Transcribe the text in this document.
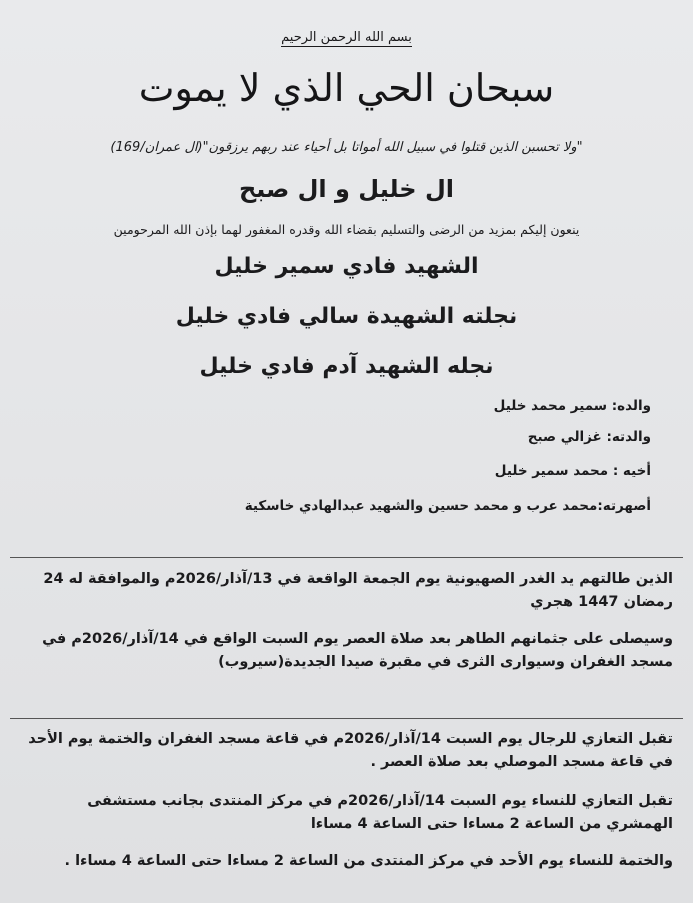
بسم الله الرحمن الرحيم
سبحان الحي الذي لا يموت
"ولا تحسبن الذين قتلوا في سبيل الله أمواتا بل أحياء عند ربهم يرزقون"(ال عمران/169)
ال خليل و ال صبح
ينعون إليكم بمزيد من الرضى والتسليم بقضاء الله وقدره المغفور لهما بإذن الله المرحومين
الشهيد فادي سمير خليل
نجلته الشهيدة سالي فادي خليل
نجله الشهيد آدم فادي خليل
والده: سمير محمد خليل
والدته: غزالي صبح
أخيه : محمد سمير خليل
أصهرته:محمد عرب و محمد حسين والشهيد عبدالهادي خاسكية
الذين طالتهم يد الغدر الصهيونية يوم الجمعة الواقعة في 13/آذار/2026م والموافقة له 24 رمضان 1447 هجري
وسيصلى على جثمانهم الطاهر بعد صلاة العصر يوم السبت الواقع في 14/آذار/2026م في مسجد الغفران وسيوارى الثرى في مقبرة صيدا الجديدة(سيروب)
تقبل التعازي للرجال يوم السبت 14/آذار/2026م في قاعة مسجد الغفران والختمة يوم الأحد في قاعة مسجد الموصلي بعد صلاة العصر .
تقبل التعازي للنساء يوم السبت 14/آذار/2026م في مركز المنتدى بجانب مستشفى الهمشري من الساعة 2 مساءا حتى الساعة 4 مساءا
والختمة للنساء يوم الأحد في مركز المنتدى من الساعة 2 مساءا حتى الساعة 4 مساءا .
